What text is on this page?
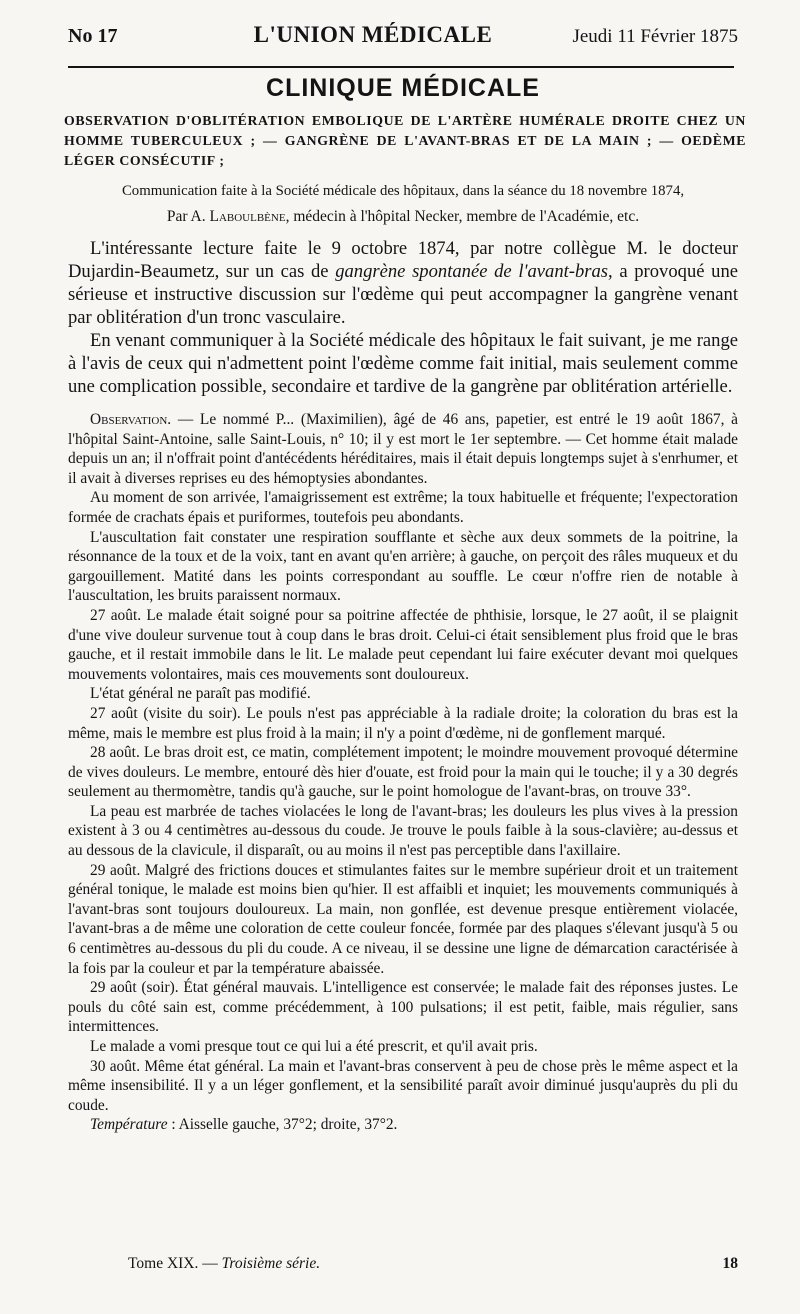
No 17	L'UNION MÉDICALE	Jeudi 11 Février 1875
CLINIQUE MÉDICALE
OBSERVATION D'OBLITÉRATION EMBOLIQUE DE L'ARTÈRE HUMÉRALE DROITE CHEZ UN HOMME TUBERCULEUX ; — GANGRÈNE DE L'AVANT-BRAS ET DE LA MAIN ; — OEDÈME LÉGER CONSÉCUTIF ;
Communication faite à la Société médicale des hôpitaux, dans la séance du 18 novembre 1874,
Par A. Laboulbène, médecin à l'hôpital Necker, membre de l'Académie, etc.

L'intéressante lecture faite le 9 octobre 1874, par notre collègue M. le docteur Dujardin-Beaumetz, sur un cas de gangrène spontanée de l'avant-bras, a provoqué une sérieuse et instructive discussion sur l'œdème qui peut accompagner la gangrène venant par oblitération d'un tronc vasculaire.

En venant communiquer à la Société médicale des hôpitaux le fait suivant, je me range à l'avis de ceux qui n'admettent point l'œdème comme fait initial, mais seulement comme une complication possible, secondaire et tardive de la gangrène par oblitération artérielle.

Observation. — Le nommé P... (Maximilien), âgé de 46 ans, papetier, est entré le 19 août 1867, à l'hôpital Saint-Antoine, salle Saint-Louis, n° 10; il y est mort le 1er septembre. — Cet homme était malade depuis un an; il n'offrait point d'antécédents héréditaires, mais il était depuis longtemps sujet à s'enrhumer, et il avait à diverses reprises eu des hémoptysies abondantes.

Au moment de son arrivée, l'amaigrissement est extrême; la toux habituelle et fréquente; l'expectoration formée de crachats épais et puriformes, toutefois peu abondants.

L'auscultation fait constater une respiration soufflante et sèche aux deux sommets de la poitrine, la résonnance de la toux et de la voix, tant en avant qu'en arrière; à gauche, on perçoit des râles muqueux et du gargouillement. Matité dans les points correspondant au souffle. Le cœur n'offre rien de notable à l'auscultation, les bruits paraissent normaux.

27 août. Le malade était soigné pour sa poitrine affectée de phthisie, lorsque, le 27 août, il se plaignit d'une vive douleur survenue tout à coup dans le bras droit. Celui-ci était sensiblement plus froid que le bras gauche, et il restait immobile dans le lit. Le malade peut cependant lui faire exécuter devant moi quelques mouvements volontaires, mais ces mouvements sont douloureux.

L'état général ne paraît pas modifié.

27 août (visite du soir). Le pouls n'est pas appréciable à la radiale droite; la coloration du bras est la même, mais le membre est plus froid à la main; il n'y a point d'œdème, ni de gonflement marqué.

28 août. Le bras droit est, ce matin, complétement impotent; le moindre mouvement provoqué détermine de vives douleurs. Le membre, entouré dès hier d'ouate, est froid pour la main qui le touche; il y a 30 degrés seulement au thermomètre, tandis qu'à gauche, sur le point homologue de l'avant-bras, on trouve 33°.

La peau est marbrée de taches violacées le long de l'avant-bras; les douleurs les plus vives à la pression existent à 3 ou 4 centimètres au-dessous du coude. Je trouve le pouls faible à la sous-clavière; au-dessus et au dessous de la clavicule, il disparaît, ou au moins il n'est pas perceptible dans l'axillaire.

29 août. Malgré des frictions douces et stimulantes faites sur le membre supérieur droit et un traitement général tonique, le malade est moins bien qu'hier. Il est affaibli et inquiet; les mouvements communiqués à l'avant-bras sont toujours douloureux. La main, non gonflée, est devenue presque entièrement violacée, l'avant-bras a de même une coloration de cette couleur foncée, formée par des plaques s'élevant jusqu'à 5 ou 6 centimètres au-dessous du pli du coude. A ce niveau, il se dessine une ligne de démarcation caractérisée à la fois par la couleur et par la température abaissée.

29 août (soir). État général mauvais. L'intelligence est conservée; le malade fait des réponses justes. Le pouls du côté sain est, comme précédemment, à 100 pulsations; il est petit, faible, mais régulier, sans intermittences.

Le malade a vomi presque tout ce qui lui a été prescrit, et qu'il avait pris.

30 août. Même état général. La main et l'avant-bras conservent à peu de chose près le même aspect et la même insensibilité. Il y a un léger gonflement, et la sensibilité paraît avoir diminué jusqu'auprès du pli du coude.

Température : Aisselle gauche, 37°2; droite, 37°2.

Tome XIX. — Troisième série.	18
